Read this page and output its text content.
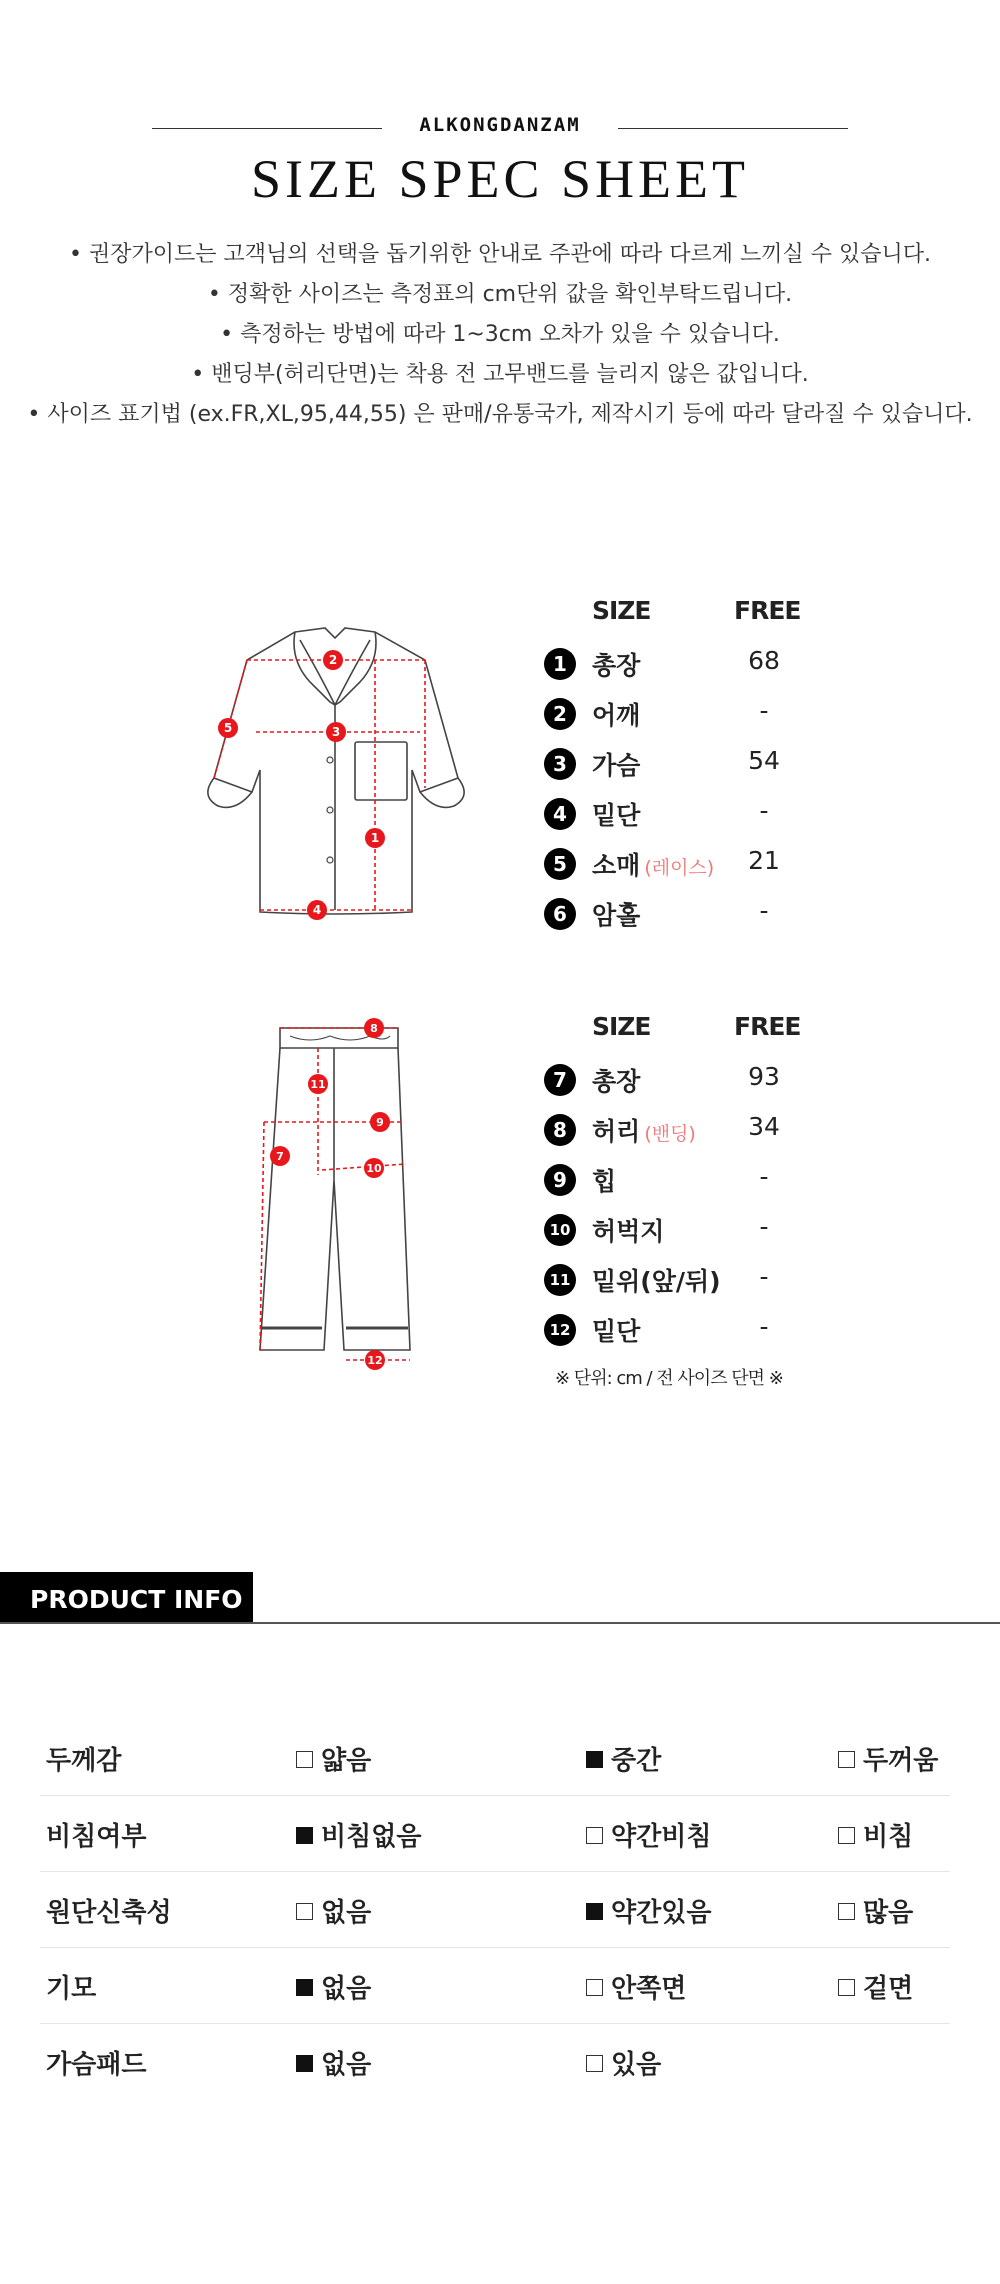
ALKONGDANZAM
SIZE SPEC SHEET
• 권장가이드는 고객님의 선택을 돕기위한 안내로 주관에 따라 다르게 느끼실 수 있습니다.
• 정확한 사이즈는 측정표의 cm단위 값을 확인부탁드립니다.
• 측정하는 방법에 따라 1~3cm 오차가 있을 수 있습니다.
• 밴딩부(허리단면)는 착용 전 고무밴드를 늘리지 않은 값입니다.
• 사이즈 표기법 (ex.FR,XL,95,44,55) 은 판매/유통국가, 제작시기 등에 따라 달라질 수 있습니다.
2
3
1
4
5
SIZE	FREE
1	총장	68
2	어깨	-
3	가슴	54
4	밑단	-
5	소매 (레이스) 21
6	암홀	-
8
11
9
10
7
12
SIZE	FREE
7	총장	93
8	허리 (밴딩) 34
9	힙	-
10 허벅지	-
11 밑위(앞/뒤)	-
12 밑단	-
※ 단위: cm / 전 사이즈 단면 ※
PRODUCT INFO
두께감	얇음	중간	두꺼움
비침여부	비침없음	약간비침	비침
원단신축성	없음	약간있음	많음
기모	없음	안쪽면	겉면
가슴패드	없음	있음
